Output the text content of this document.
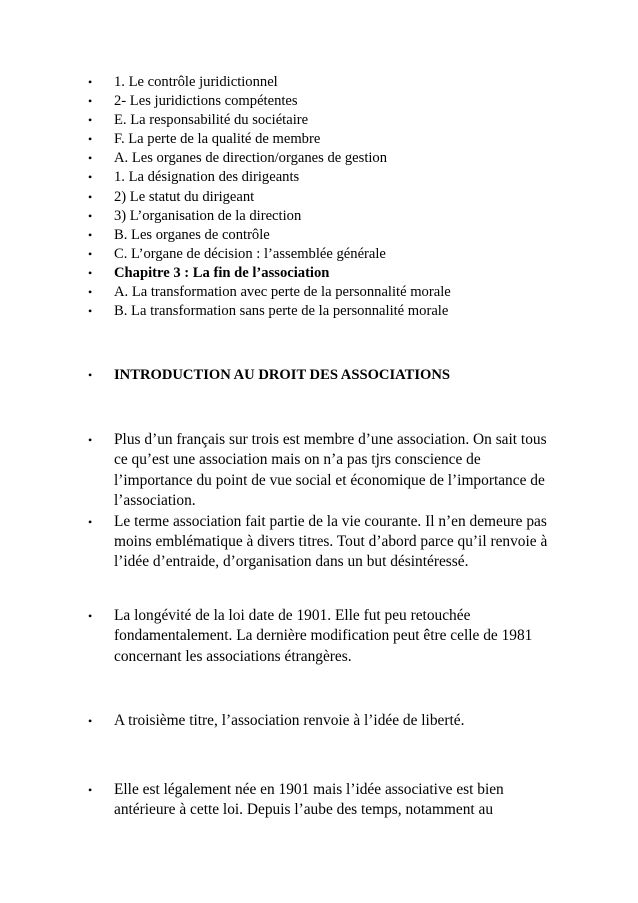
•	1. Le contrôle juridictionnel
•	2- Les juridictions compétentes
•	E. La responsabilité du sociétaire
•	F. La perte de la qualité de membre
•	A. Les organes de direction/organes de gestion
•	1. La désignation des dirigeants
•	2) Le statut du dirigeant
•	3) L’organisation de la direction
•	B. Les organes de contrôle
•	C. L’organe de décision : l’assemblée générale
•	Chapitre 3 : La fin de l’association
•	A. La transformation avec perte de la personnalité morale
•	B. La transformation sans perte de la personnalité morale
•	INTRODUCTION AU DROIT DES ASSOCIATIONS
•	Plus d’un français sur trois est membre d’une association. On sait tous ce qu’est une association mais on n’a pas tjrs conscience de l’importance du point de vue social et économique de l’importance de l’association.
•	Le terme association fait partie de la vie courante. Il n’en demeure pas moins emblématique à divers titres. Tout d’abord parce qu’il renvoie à l’idée d’entraide, d’organisation dans un but désintéressé.
•	La longévité de la loi date de 1901. Elle fut peu retouchée fondamentalement. La dernière modification peut être celle de 1981 concernant les associations étrangères.
•	A troisième titre, l’association renvoie à l’idée de liberté.
•	Elle est légalement née en 1901 mais l’idée associative est bien antérieure à cette loi. Depuis l’aube des temps, notamment au
